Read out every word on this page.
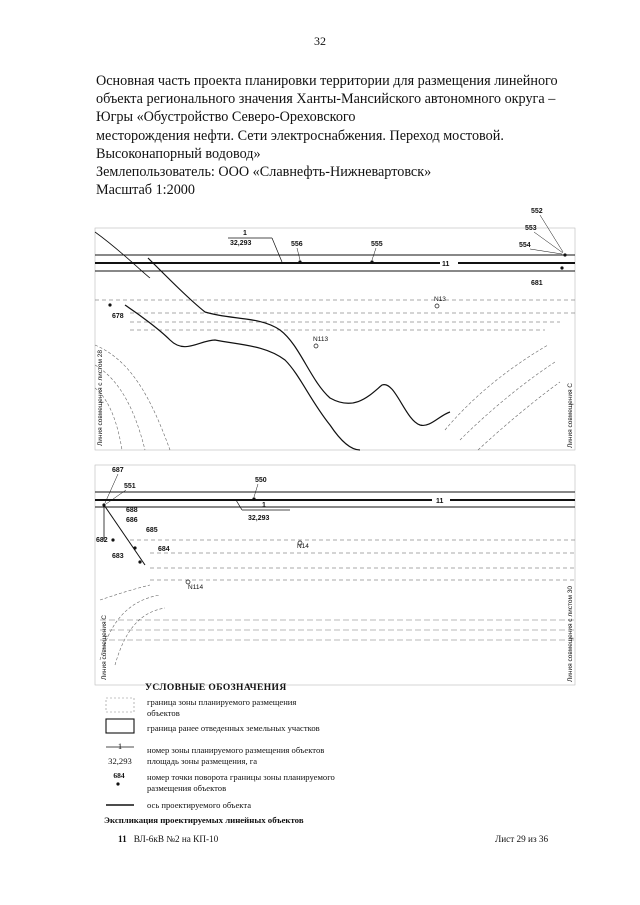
32
Основная часть проекта планировки территории для размещения линейного
объекта регионального значения Ханты-Мансийского автономного округа –
Югры «Обустройство Северо-Ореховского
месторождения нефти. Сети электроснабжения. Переход мостовой.
Высоконапорный водовод»
Землепользователь: ООО «Славнефть-Нижневартовск»
Масштаб 1:2000
11
1
32,293
552
553
554
555
556
681
678
N13
N113
Линия совмещения с листом 28	Линия совмещения С
11
1
32,293
687
551
550
688
686
685
682
684
683
N14
N114
Линия совмещения С	Линия совмещения с листом 30
УСЛОВНЫЕ ОБОЗНАЧЕНИЯ
граница зоны планируемого размещения
объектов
граница ранее отведенных земельных участков
1
32,293
номер зоны планируемого размещения объектов
площадь зоны размещения, га
684	номер точки поворота границы зоны планируемого
размещения объектов
ось проектируемого объекта
Экспликация проектируемых линейных объектов
11 ВЛ-6кВ №2 на КП-10	Лист 29 из 36
